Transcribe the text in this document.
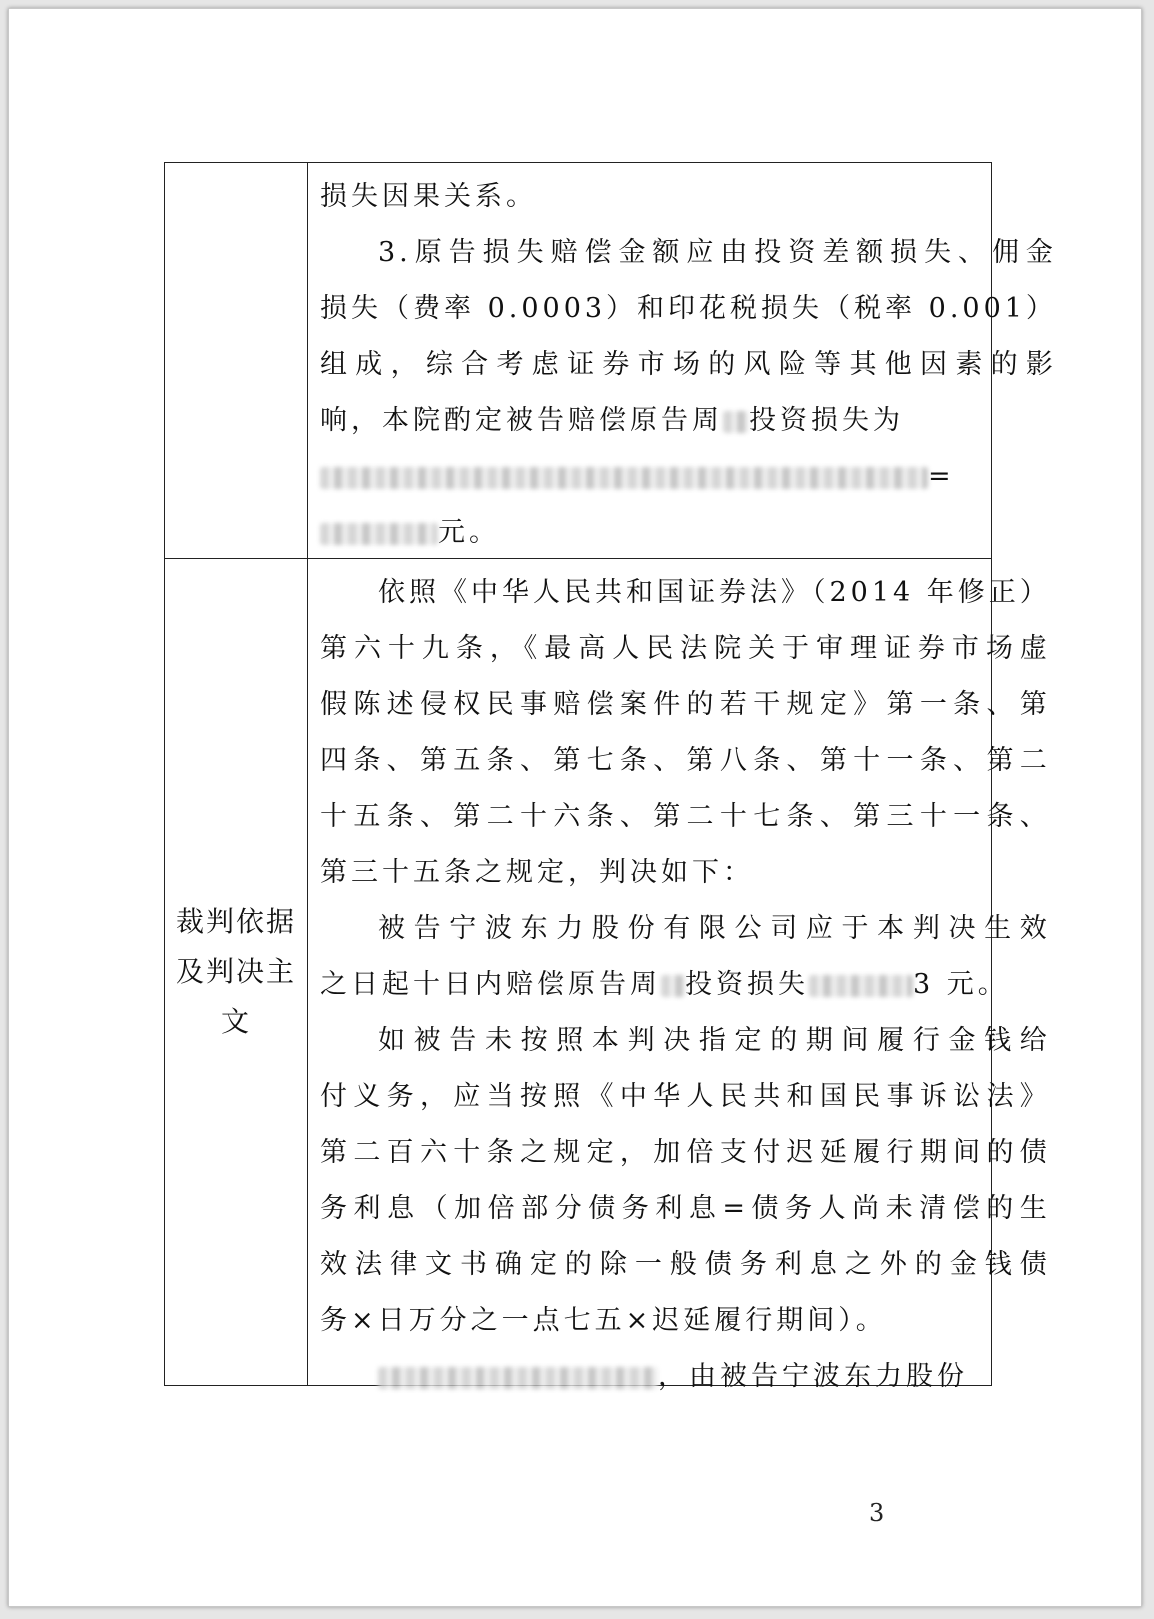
损失因果关系。

3.原告损失赔偿金额应由投资差额损失、佣金

损失（费率 0.0003）和印花税损失（税率 0.001）

组成，综合考虑证券市场的风险等其他因素的影

响，本院酌定被告赔偿原告周 投资损失为

=

元。

裁判依据
及判决主
文

依照《中华人民共和国证券法》（2014 年修正）

第六十九条，《最高人民法院关于审理证券市场虚

假陈述侵权民事赔偿案件的若干规定》第一条、第

四条、第五条、第七条、第八条、第十一条、第二

十五条、第二十六条、第二十七条、第三十一条、

第三十五条之规定，判决如下：

被告宁波东力股份有限公司应于本判决生效

之日起十日内赔偿原告周 投资损失	3 元。

如被告未按照本判决指定的期间履行金钱给

付义务，应当按照《中华人民共和国民事诉讼法》

第二百六十条之规定，加倍支付迟延履行期间的债

务利息（加倍部分债务利息=债务人尚未清偿的生

效法律文书确定的除一般债务利息之外的金钱债

务×日万分之一点七五×迟延履行期间）。

，由被告宁波东力股份

3
